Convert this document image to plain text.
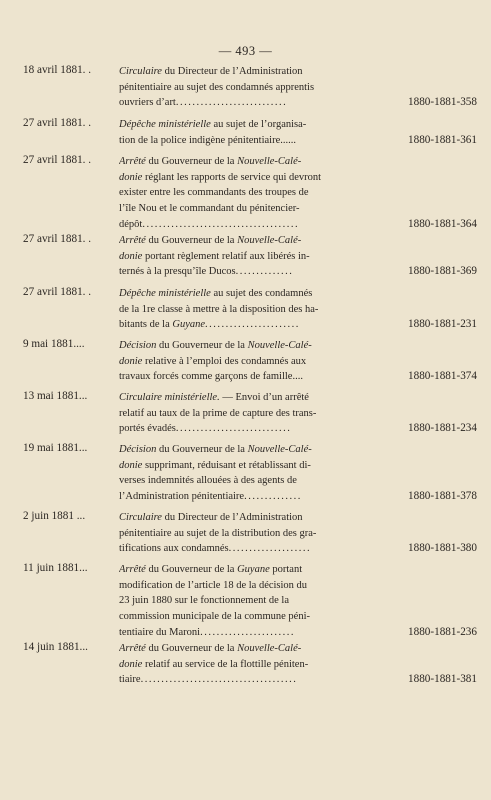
— 493 —
18 avril 1881. .	Circulaire du Directeur de l’Administration
pénitentiaire au sujet des condamnés apprentis
ouvriers d’art...........................	1880-1881-358
27 avril 1881. .	Dépêche ministérielle au sujet de l’organisa-
tion de la police indigène pénitentiaire......	1880-1881-361
27 avril 1881. .	Arrêté du Gouverneur de la Nouvelle-Calé-
donie réglant les rapports de service qui devront
exister entre les commandants des troupes de
l’île Nou et le commandant du pénitencier-
dépôt......................................	1880-1881-364
27 avril 1881. .	Arrêté du Gouverneur de la Nouvelle-Calé-
donie portant règlement relatif aux libérés in-
ternés à la presqu’île Ducos..............	1880-1881-369
27 avril 1881. .	Dépêche ministérielle au sujet des condamnés
de la 1re classe à mettre à la disposition des ha-
bitants de la Guyane.......................	1880-1881-231
9 mai 1881....	Décision du Gouverneur de la Nouvelle-Calé-
donie relative à l’emploi des condamnés aux
travaux forcés comme garçons de famille....	1880-1881-374
13 mai 1881...	Circulaire ministérielle. — Envoi d’un arrêté
relatif au taux de la prime de capture des trans-
portés évadés............................	1880-1881-234
19 mai 1881...	Décision du Gouverneur de la Nouvelle-Calé-
donie supprimant, réduisant et rétablissant di-
verses indemnités allouées à des agents de
l’Administration pénitentiaire..............	1880-1881-378
2 juin 1881 ...	Circulaire du Directeur de l’Administration
pénitentiaire au sujet de la distribution des gra-
tifications aux condamnés....................	1880-1881-380
11 juin 1881...	Arrêté du Gouverneur de la Guyane portant
modification de l’article 18 de la décision du
23 juin 1880 sur le fonctionnement de la
commission municipale de la commune péni-
tentiaire du Maroni.......................	1880-1881-236
14 juin 1881...	Arrêté du Gouverneur de la Nouvelle-Calé-
donie relatif au service de la flottille péniten-
tiaire......................................	1880-1881-381
